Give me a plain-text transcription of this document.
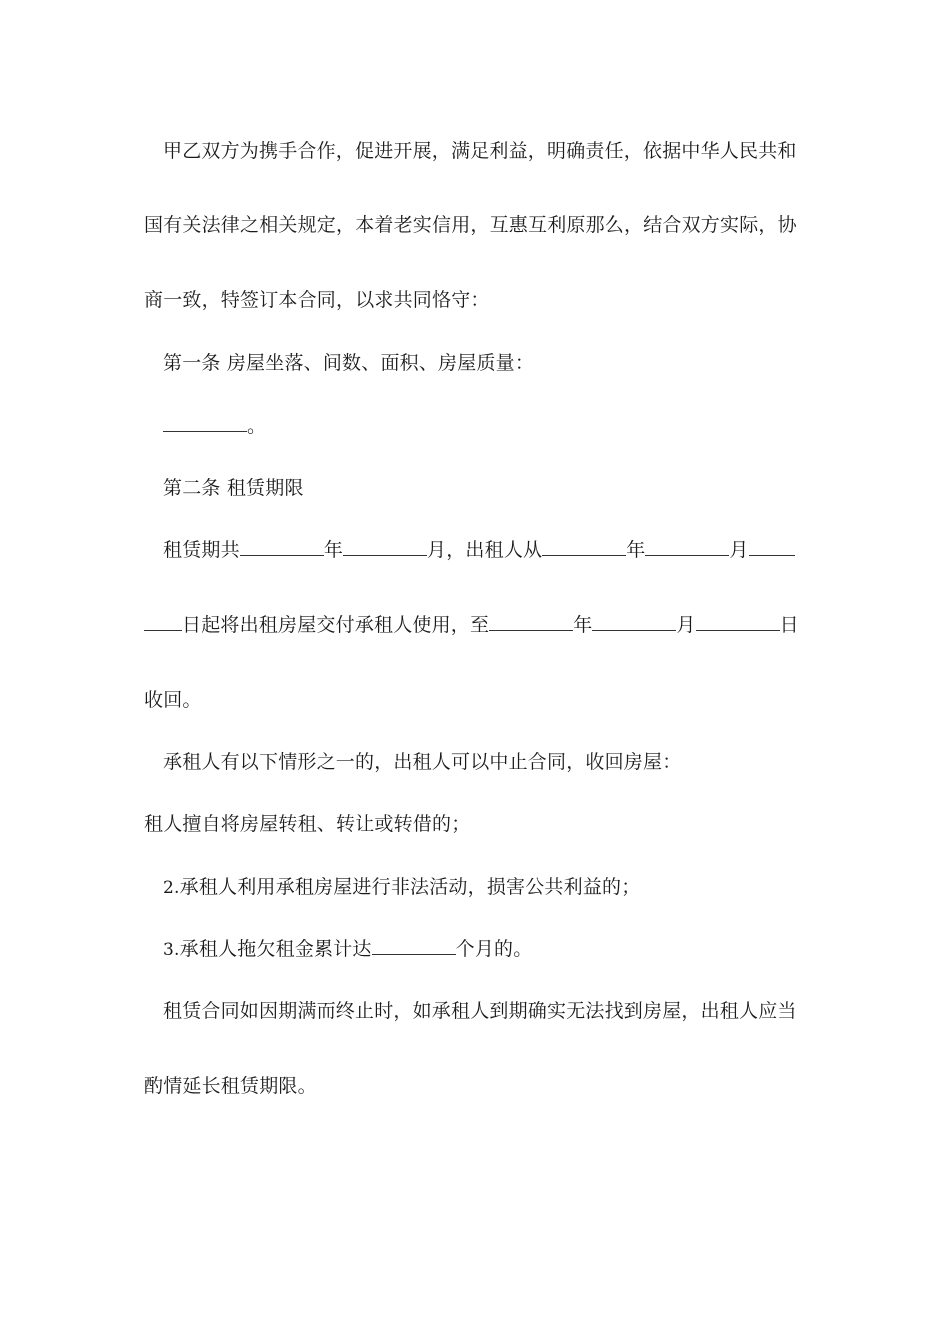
甲乙双方为携手合作，促进开展，满足利益，明确责任，依据中华人民共和
国有关法律之相关规定，本着老实信用，互惠互利原那么，结合双方实际，协
商一致，特签订本合同，以求共同恪守：
第一条 房屋坐落、间数、面积、房屋质量：
。
第二条 租赁期限
租赁期共	年	月，出租人从	年	月
日起将出租房屋交付承租人使用，至	年	月	日
收回。
承租人有以下情形之一的，出租人可以中止合同，收回房屋：
租人擅自将房屋转租、转让或转借的；
2.承租人利用承租房屋进行非法活动，损害公共利益的；
3.承租人拖欠租金累计达	个月的。
租赁合同如因期满而终止时，如承租人到期确实无法找到房屋，出租人应当
酌情延长租赁期限。
